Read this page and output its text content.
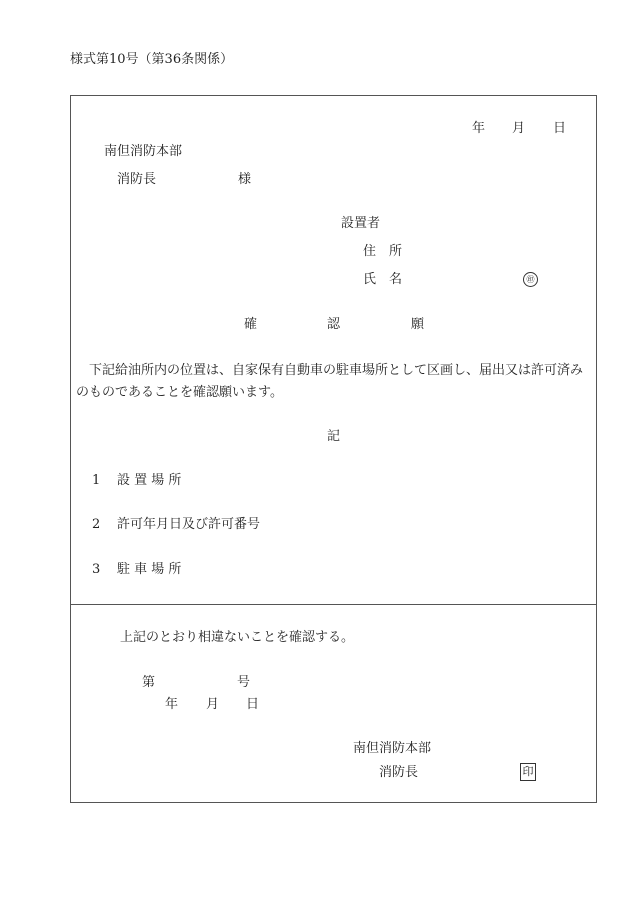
様式第10号（第36条関係）
年 月 日
南但消防本部
消防長	様
設置者
住　所
氏　名	㊞
確	認	願
　下記給油所内の位置は、自家保有自動車の駐車場所として区画し、届出又は許可済みのものであることを確認願います。
記
1 設 置 場 所
2 許可年月日及び許可番号
3 駐 車 場 所
上記のとおり相違ないことを確認する。
第	号
年 月 日
南但消防本部
消防長	印
